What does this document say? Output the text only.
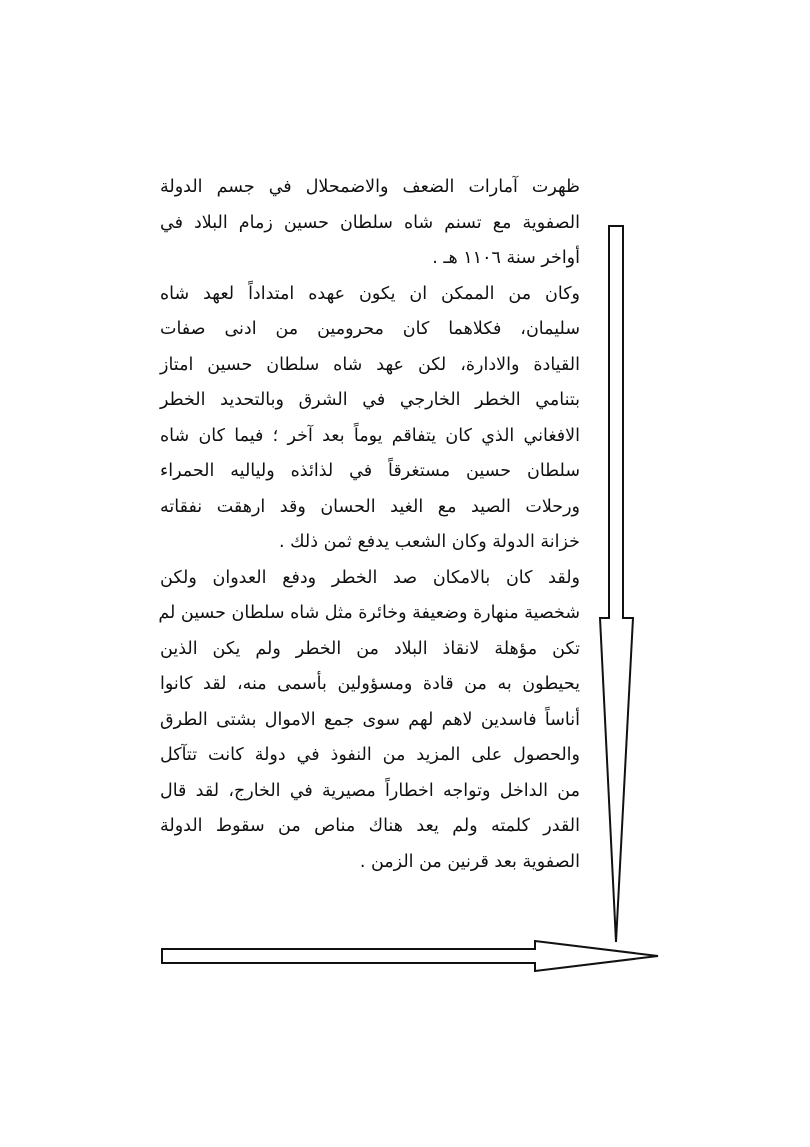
ظهرت آمارات الضعف والاضمحلال في جسم الدولة
الصفوية مع تسنم شاه سلطان حسين زمام البلاد في
أواخر سنة ١١٠٦ هـ .
وكان من الممكن ان يكون عهده امتداداً لعهد شاه
سليمان، فكلاهما كان محرومين من ادنى صفات
القيادة والادارة، لكن عهد شاه سلطان حسين امتاز
بتنامي الخطر الخارجي في الشرق وبالتحديد الخطر
الافغاني الذي كان يتفاقم يوماً بعد آخر ؛ فيما كان شاه
سلطان حسين مستغرقاً في لذائذه ولياليه الحمراء
ورحلات الصيد مع الغيد الحسان وقد ارهقت نفقاته
خزانة الدولة وكان الشعب يدفع ثمن ذلك .
ولقد كان بالامكان صد الخطر ودفع العدوان ولكن
شخصية منهارة وضعيفة وخائرة مثل شاه سلطان حسين لم
تكن مؤهلة لانقاذ البلاد من الخطر ولم يكن الذين
يحيطون به من قادة ومسؤولين بأسمى منه، لقد كانوا
أناساً فاسدين لاهم لهم سوى جمع الاموال بشتى الطرق
والحصول على المزيد من النفوذ في دولة كانت تتآكل
من الداخل وتواجه اخطاراً مصيرية في الخارج، لقد قال
القدر كلمته ولم يعد هناك مناص من سقوط الدولة
الصفوية بعد قرنين من الزمن .
